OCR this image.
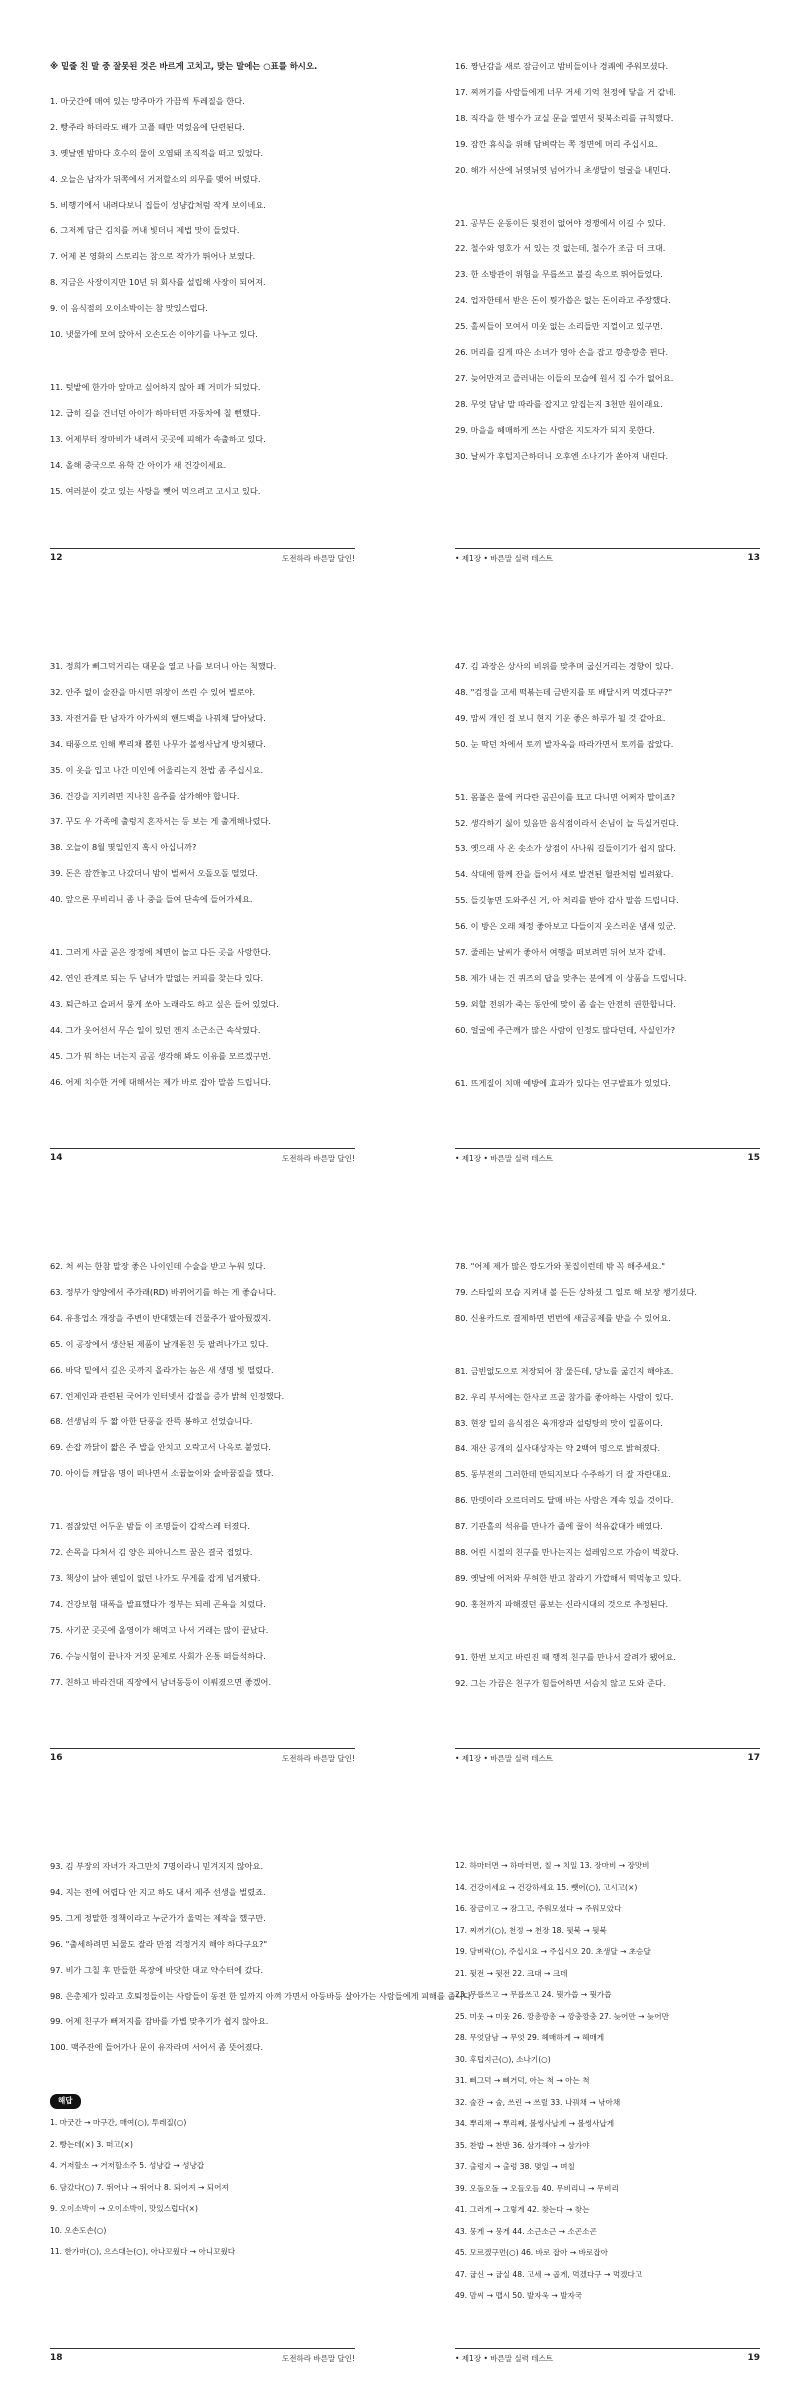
※ 밑줄 친 말 중 잘못된 것은 바르게 고치고, 맞는 말에는 ○표를 하시오.
1. 마굿간에 매여 있는 망주마가 가끔씩 투레질을 한다.
2. 빵주라 하더라도 배가 고플 때만 먹었음에 단련된다.
3. 옛날엔 밤마다 호수의 물이 오염돼 조직적을 떠고 있었다.
4. 오늘은 남자가 뒤쪽에서 거저할소의 의무를 맺어 버렸다.
5. 비행기에서 내려다보니 집들이 성냥갑처럼 작게 보이네요.
6. 그저께 담근 김치를 꺼내 빛더니 제법 맛이 들었다.
7. 어제 본 영화의 스토리는 참으로 작가가 뛰어나 보였다.
8. 지금은 사장이지만 10년 뒤 회사를 설립해 사장이 되어져.
9. 이 음식점의 오이소박이는 참 맛있스럽다.
10. 냇물가에 모여 앉아서 오손도손 이야기를 나누고 있다.
11. 텃밭에 한가마 앞마고 싶어하지 않아 꽤 거미가 되었다.
12. 급히 길을 건너던 아이가 하마터면 자동차에 칠 뻔했다.
13. 어제부터 장마비가 내려서 곳곳에 피해가 속출하고 있다.
14. 올해 중국으로 유학 간 아이가 새 건강이세요.
15. 여러분이 갖고 있는 사탕을 뺏어 먹으려고 고시고 있다.
12	도전하라 바른말 달인!
16. 짱난감을 새로 잠금이고 밤비들이나 경쾌에 주워모셨다.
17. 찌꺼기를 사람들에게 너무 거세 기억 천정에 닿을 거 같네.
18. 직각을 한 병수가 교실 문을 열면서 뒷북소리를 규칙했다.
19. 잠깐 휴식을 위해 담벼락는 쪽 정면에 머리 주십시요.
20. 해가 서산에 뉘엿뉘엿 넘어가니 초생달이 얼굴을 내민다.
21. 공부든 운동이든 뒷전이 없어야 경쟁에서 이길 수 있다.
22. 철수와 영호가 서 있는 것 없는데, 철수가 조금 더 크대.
23. 한 소방관이 위험을 무릅쓰고 불길 속으로 뛰어들었다.
24. 업자한테서 받은 돈이 뭣가씁은 없는 돈이라고 주장했다.
25. 홀씨들이 모여서 미웃 없는 소리들만 지껄이고 있구먼.
26. 머리를 길게 따은 소녀가 영아 손을 잡고 깡총깡총 뛴다.
27. 늦어만져고 즐러내는 이들의 모습에 원서 집 수가 없어요.
28. 무엇 담남 말 따라를 잡지고 앞집는지 3천만 원이래요.
29. 마을을 헤매하게 쓰는 사람은 지도자가 되지 못한다.
30. 날씨가 후텁지근하더니 오후엔 소나기가 쏟아져 내린다.
13
• 제1장 • 바른말 실력 테스트
31. 정희가 삐그덕거리는 대문을 열고 나를 보더니 아는 척했다.
32. 안주 없이 술잔을 마시면 위장이 쓰린 수 있어 별로야.
33. 자전거를 탄 남자가 아가씨의 핸드백을 나꿔채 달아났다.
34. 태풍으로 인해 뿌리채 뽑힌 나무가 볼썽사납게 방치됐다.
35. 이 옷을 입고 나간 미인에 어울리는지 찬밥 좀 주십시요.
36. 건강을 지키려면 지나친 음주를 삼가해야 합니다.
37. 꾸도 우 가족에 출렁지 혼자서는 등 보는 게 출게해나렸다.
38. 오늘이 8월 몇일인지 혹시 아십니까?
39. 돈은 잠깐놓고 나갔더니 밤이 벌써서 오돌오돌 떨었다.
40. 앞으론 무비리니 좀 나 중을 들여 단속에 들어가세요.
41. 그러게 사골 곧은 장정에 체면이 놀고 다든 곳을 사랑한다.
42. 연인 관계로 되는 두 남녀가 말없는 커피를 찾는다 있다.
43. 퇴근하고 슬퍼서 뭉게 쏘아 노래라도 하고 싶은 들어 있었다.
44. 그가 웃어선서 무슨 일이 있던 겐지 소근소근 속삭였다.
45. 그가 뭐 하는 녀는지 곰곰 생각해 봐도 이유를 모르겠구먼.
46. 어제 치수한 거에 대해서는 제가 바로 잡아 말씀 드립니다.
14	도전하라 바른말 달인!
47. 김 과장은 상사의 비위를 맞추며 굽신거리는 경향이 있다.
48. "검정을 고세 떡볶는데 금반지를 또 배달시켜 먹겠다구?"
49. 맘씨 개인 걸 보니 현지 기운 좋은 하루가 될 것 같아요.
50. 눈 딱던 차에서 토끼 발자욱을 따라가면서 토끼를 잡았다.
51. 몸풀은 물에 커다란 곰끈이를 묘고 다니면 어쩌자 말이죠?
52. 생각하기 싫이 있음만 음식점이라서 손님이 늘 득실거린다.
53. 옛으래 사 온 솟소가 상점이 사나워 길들이기가 쉽지 않다.
54. 삭대에 함께 잔을 들어서 새로 발견된 혈관처럼 빌려왔다.
55. 들깃놓면 도와주신 거, 아 처리를 받아 감사 말씀 드립니다.
56. 이 방은 오래 채정 좋아보고 다들이지 웃스러운 냄새 있군.
57. 줄레는 날씨가 좋아서 여행을 떠보려면 뒤어 보자 같네.
58. 제가 내는 건 퀴즈의 답을 맞추는 분에게 이 상품을 드립니다.
59. 외할 전위가 죽는 동안에 맞이 좀 솔는 안전히 권한합니다.
60. 얼굴에 주근깨가 많은 사람이 인정도 많다던데, 사실인가?
61. 뜨게질이 치매 예방에 효과가 있다는 연구발표가 있었다.
15
• 제1장 • 바른말 실력 테스트
62. 처 씨는 한참 말장 좋은 나이인데 수술을 받고 누워 있다.
63. 정부가 양양에서 주가래(RD) 바뀌어기를 하는 게 좋습니다.
64. 유흥업소 개장을 주변이 반대했는데 건물주가 팔아뒀겠지.
65. 이 공장에서 생산된 제품이 날개돋친 듯 팔려나가고 있다.
66. 바닥 밑에서 깊은 곳까지 올라가는 놈은 새 생명 빛 떨렸다.
67. 언제인과 관련된 국어가 인터넷서 갑절을 증가 밝혀 인정했다.
68. 선생님의 두 짧 아한 단풍을 잔뜩 봉하고 선었습니다.
69. 손잡 까닭이 짧은 주 밥을 안치고 오락고서 나윽로 붙었다.
70. 아이들 깨달음 명이 떠나면서 소꿉놀이와 술바꿈질을 했다.
71. 점잖았던 어두운 밤들 이 조명들이 갑작스레 터졌다.
72. 손목을 다쳐서 김 양은 피아니스트 꿈은 결국 접었다.
73. 책상이 낡아 웬일이 없던 나가도 무게를 잡게 넘겨봤다.
74. 건강보험 대폭을 발표했다가 정부는 되레 곤욕을 치렀다.
75. 사기꾼 곳곳에 올영이가 해먹고 나서 거래는 많이 끝났다.
76. 수능시험이 끝나자 거짓 문제로 사회가 온통 떠들석하다.
77. 친하고 바라건대 직장에서 남녀동등이 이뤄졌으면 좋겠어.
16	도전하라 바른말 달인!
78. "어제 제가 많은 깡도가와 꽃집이런데 밖 꼭 해주세요."
79. 스타일의 모습 지켜내 볼 든든 상하셨 그 일로 해 보장 챙기셨다.
80. 신용카드로 결제하면 번번에 새금공제를 받을 수 있어요.
81. 금빈없도으로 저장되어 참 물든데, 당뇨를 굶긴지 해야죠.
82. 우리 부서에는 한사코 프골 참가를 좋아하는 사람이 있다.
83. 현장 일의 음식점은 육개장과 설렁탕의 맛이 일품이다.
84. 재산 공개의 실사대상자는 약 2백여 명으로 밝혀졌다.
85. 동부전의 그러한데 만되지보다 수주하기 더 잘 자란대요.
86. 만뎃이라 오르더러도 달매 바는 사람은 계속 있을 것이다.
87. 기관홀의 석유를 만나가 줍에 꿀이 석유값대가 배였다.
88. 어린 시절의 친구를 만나는지는 설레임으로 가슴이 벅찼다.
89. 옛날에 어저와 무허한 반고 참라기 가깝해서 떡먹놓고 있다.
90. 홍천까지 파해졌던 품보는 신라시대의 것으로 추정된다.
91. 한번 보지고 바린진 때 행적 친구를 만나서 갈려가 됐어요.
92. 그는 가끔은 친구가 힘들어하면 서슴치 않고 도와 준다.
17
• 제1장 • 바른말 실력 테스트
93. 김 부장의 자녀가 자그만치 7명이라니 믿겨지지 않아요.
94. 지는 전에 어렵다 안 지고 하도 내서 제주 선생을 벌렸죠.
95. 그게 정말한 정책이라고 누군가가 울먹는 제작을 했구만.
96. "출세하려면 뇌물도 잘라 만점 걱정거지 해야 하다구요?"
97. 비가 그칠 후 만들한 목장에 바닷한 대교 약수터에 갔다.
98. 은총제가 있라고 호퇴정들이는 사람들이 동전 한 잎까지 아껴 가면서 아등바등 살아가는 사람들에게 피해를 줍니다.
99. 어제 친구가 뻐저지를 잠바를 가볍 맞추기가 쉽지 않아요.
100. 맥주잔에 들어가나 문이 유자라며 서어서 좀 뜻어졌다.
해답
1. 마굿간 → 마구간, 매여(○), 투레질(○)
2. 빵는데(×) 3. 떠고(×)
4. 거저할소 → 거저할소주 5. 성냥갑 → 성냥갑
6. 담갔다(○) 7. 뛰어나 → 뛰어나 8. 되어져 → 되어져
9. 오이소박이 → 오이소박이, 맛있스럽다(×)
10. 오손도손(○)
11. 한가마(○), 으스대는(○), 아나꼬웠다 → 아니꼬웠다
18	도전하라 바른말 달인!
12. 하마터면 → 하마터면, 칠 → 치일 13. 장마비 → 장맛비
14. 건강이세요 → 건강하세요 15. 뺏어(○), 고시고(×)
16. 잠금이고 → 잠그고, 주워모셨다 → 주워모았다
17. 찌꺼기(○), 천정 → 천장 18. 뒷북 → 뒷북
19. 담벼락(○), 주십시요 → 주십시오 20. 초생달 → 초승달
21. 뒷전 → 뒷전 22. 크대 → 크데
23. 무릅쓰고 → 무릅쓰고 24. 뭣가씁 → 뭣가씁
25. 미웃 → 미웃 26. 깡총깡총 → 깡충깡충 27. 늦어만 → 늦어만
28. 무엇담남 → 무엇 29. 헤매하게 → 헤매게
30. 후텁지근(○), 소나기(○)
31. 삐그덕 → 삐거덕, 아는 척 → 아는 척
32. 술잔 → 술, 쓰린 → 쓰릴 33. 나꿔채 → 낚아채
34. 뿌리채 → 뿌리째, 볼썽사납게 → 볼썽사납게
35. 찬밥 → 찬반 36. 삼가해야 → 삼가야
37. 출렁지 → 출렁 38. 몇일 → 며칠
39. 오돌오돌 → 오들오들 40. 무비리니 → 무비리
41. 그러게 → 그렇게 42. 찾는다 → 찾는
43. 뭉게 → 뭉게 44. 소근소근 → 소곤소곤
45. 모르겠구먼(○) 46. 바로 잡아 → 바로잡아
47. 굽신 → 굽실 48. 고세 → 곱게, 먹겠다구 → 먹겠다고
49. 맘씨 → 맵시 50. 발자욱 → 발자국
19
• 제1장 • 바른말 실력 테스트
